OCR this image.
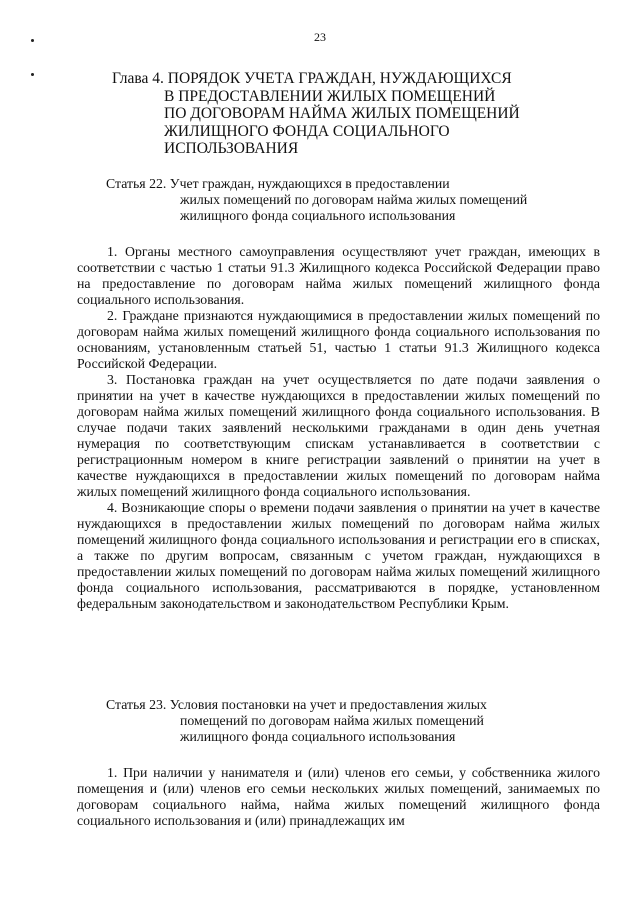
23
Глава 4. ПОРЯДОК УЧЕТА ГРАЖДАН, НУЖДАЮЩИХСЯ
В ПРЕДОСТАВЛЕНИИ ЖИЛЫХ ПОМЕЩЕНИЙ
ПО ДОГОВОРАМ НАЙМА ЖИЛЫХ ПОМЕЩЕНИЙ
ЖИЛИЩНОГО ФОНДА СОЦИАЛЬНОГО
ИСПОЛЬЗОВАНИЯ
Статья 22. Учет граждан, нуждающихся в предоставлении
жилых помещений по договорам найма жилых помещений
жилищного фонда социального использования

1. Органы местного самоуправления осуществляют учет граждан, имеющих в соответствии с частью 1 статьи 91.3 Жилищного кодекса Российской Федерации право на предоставление по договорам найма жилых помещений жилищного фонда социального использования.

2. Граждане признаются нуждающимися в предоставлении жилых помещений по договорам найма жилых помещений жилищного фонда социального использования по основаниям, установленным статьей 51, частью 1 статьи 91.3 Жилищного кодекса Российской Федерации.

3. Постановка граждан на учет осуществляется по дате подачи заявления о принятии на учет в качестве нуждающихся в предоставлении жилых помещений по договорам найма жилых помещений жилищного фонда социального использования. В случае подачи таких заявлений несколькими гражданами в один день учетная нумерация по соответствующим спискам устанавливается в соответствии с регистрационным номером в книге регистрации заявлений о принятии на учет в качестве нуждающихся в предоставлении жилых помещений по договорам найма жилых помещений жилищного фонда социального использования.

4. Возникающие споры о времени подачи заявления о принятии на учет в качестве нуждающихся в предоставлении жилых помещений по договорам найма жилых помещений жилищного фонда социального использования и регистрации его в списках, а также по другим вопросам, связанным с учетом граждан, нуждающихся в предоставлении жилых помещений по договорам найма жилых помещений жилищного фонда социального использования, рассматриваются в порядке, установленном федеральным законодательством и законодательством Республики Крым.

Статья 23. Условия постановки на учет и предоставления жилых
помещений по договорам найма жилых помещений
жилищного фонда социального использования

1. При наличии у нанимателя и (или) членов его семьи, у собственника жилого помещения и (или) членов его семьи нескольких жилых помещений, занимаемых по договорам социального найма, найма жилых помещений жилищного фонда социального использования и (или) принадлежащих им
